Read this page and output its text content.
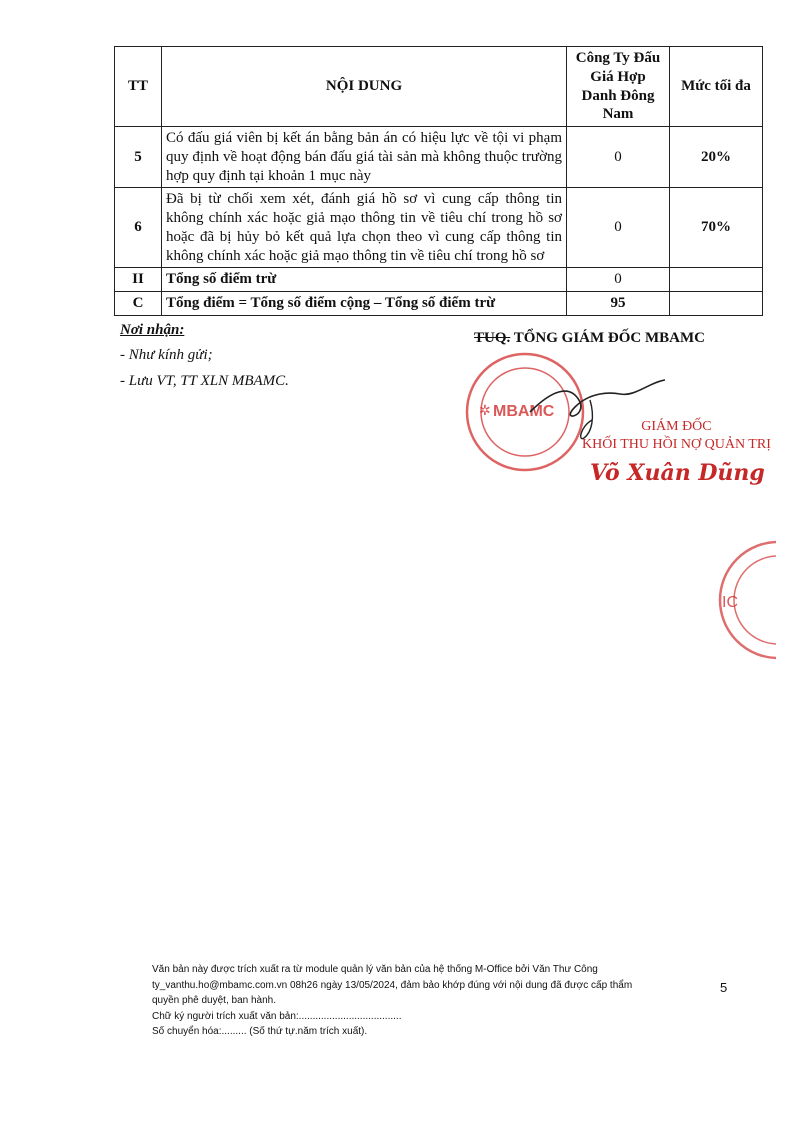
TT	NỘI DUNG	Công Ty Đấu Giá Hợp Danh Đông Nam	Mức tối đa
5	Có đấu giá viên bị kết án bằng bản án có hiệu lực về tội vi phạm quy định về hoạt động bán đấu giá tài sản mà không thuộc trường hợp quy định tại khoản 1 mục này	0	20%
6	Đã bị từ chối xem xét, đánh giá hồ sơ vì cung cấp thông tin không chính xác hoặc giả mạo thông tin về tiêu chí trong hồ sơ hoặc đã bị hủy bỏ kết quả lựa chọn theo vì cung cấp thông tin không chính xác hoặc giả mạo thông tin về tiêu chí trong hồ sơ	0	70%
II	Tổng số điểm trừ	0	
C	Tổng điểm = Tổng số điểm cộng – Tổng số điểm trừ	95	
Nơi nhận:
- Như kính gửi;
- Lưu VT, TT XLN MBAMC.
MBAMC
✲
IC
TUQ. TỔNG GIÁM ĐỐC MBAMC
GIÁM ĐỐC
KHỐI THU HỒI NỢ QUẢN TRỊ
Võ Xuân Dũng
Văn bản này được trích xuất ra từ module quản lý văn bản của hệ thống M-Office bởi Văn Thư Công
ty_vanthu.ho@mbamc.com.vn 08h26 ngày 13/05/2024, đảm bảo khớp đúng với nội dung đã được cấp thẩm
quyền phê duyệt, ban hành.
Chữ ký người trích xuất văn bản:.....................................
Số chuyển hóa:......... (Số thứ tự.năm trích xuất).
5
